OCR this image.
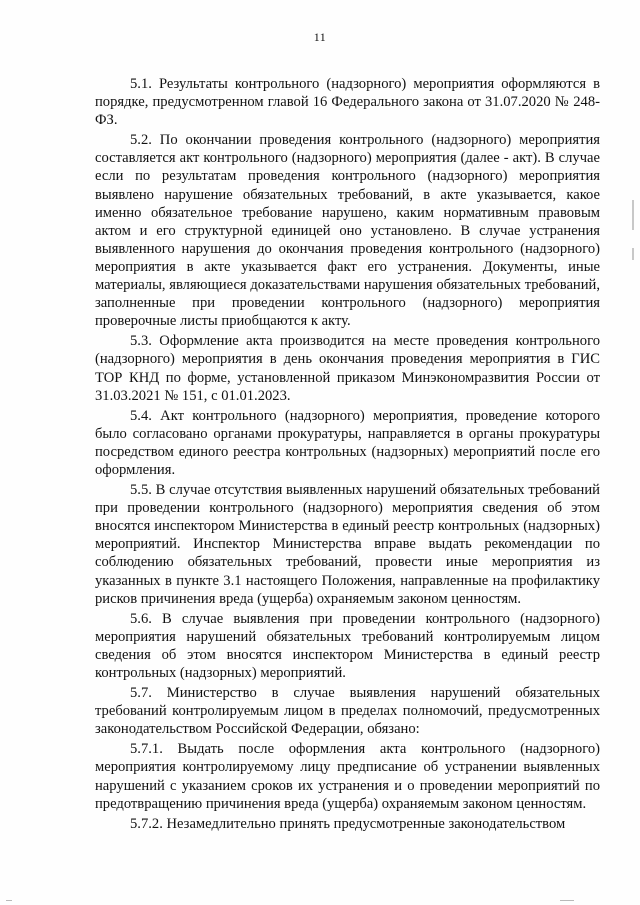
11

5.1. Результаты контрольного (надзорного) мероприятия оформляются в порядке, предусмотренном главой 16 Федерального закона от 31.07.2020 № 248-ФЗ.

5.2. По окончании проведения контрольного (надзорного) мероприятия составляется акт контрольного (надзорного) мероприятия (далее - акт). В случае если по результатам проведения контрольного (надзорного) мероприятия выявлено нарушение обязательных требований, в акте указывается, какое именно обязательное требование нарушено, каким нормативным правовым актом и его структурной единицей оно установлено. В случае устранения выявленного нарушения до окончания проведения контрольного (надзорного) мероприятия в акте указывается факт его устранения. Документы, иные материалы, являющиеся доказательствами нарушения обязательных требований, заполненные при проведении контрольного (надзорного) мероприятия проверочные листы приобщаются к акту.

5.3. Оформление акта производится на месте проведения контрольного (надзорного) мероприятия в день окончания проведения мероприятия в ГИС ТОР КНД по форме, установленной приказом Минэкономразвития России от 31.03.2021 № 151, с 01.01.2023.

5.4. Акт контрольного (надзорного) мероприятия, проведение которого было согласовано органами прокуратуры, направляется в органы прокуратуры посредством единого реестра контрольных (надзорных) мероприятий после его оформления.

5.5. В случае отсутствия выявленных нарушений обязательных требований при проведении контрольного (надзорного) мероприятия сведения об этом вносятся инспектором Министерства в единый реестр контрольных (надзорных) мероприятий. Инспектор Министерства вправе выдать рекомендации по соблюдению обязательных требований, провести иные мероприятия из указанных в пункте 3.1 настоящего Положения, направленные на профилактику рисков причинения вреда (ущерба) охраняемым законом ценностям.

5.6. В случае выявления при проведении контрольного (надзорного) мероприятия нарушений обязательных требований контролируемым лицом сведения об этом вносятся инспектором Министерства в единый реестр контрольных (надзорных) мероприятий.

5.7. Министерство в случае выявления нарушений обязательных требований контролируемым лицом в пределах полномочий, предусмотренных законодательством Российской Федерации, обязано:

5.7.1. Выдать после оформления акта контрольного (надзорного) мероприятия контролируемому лицу предписание об устранении выявленных нарушений с указанием сроков их устранения и о проведении мероприятий по предотвращению причинения вреда (ущерба) охраняемым законом ценностям.

5.7.2. Незамедлительно принять предусмотренные законодательством
